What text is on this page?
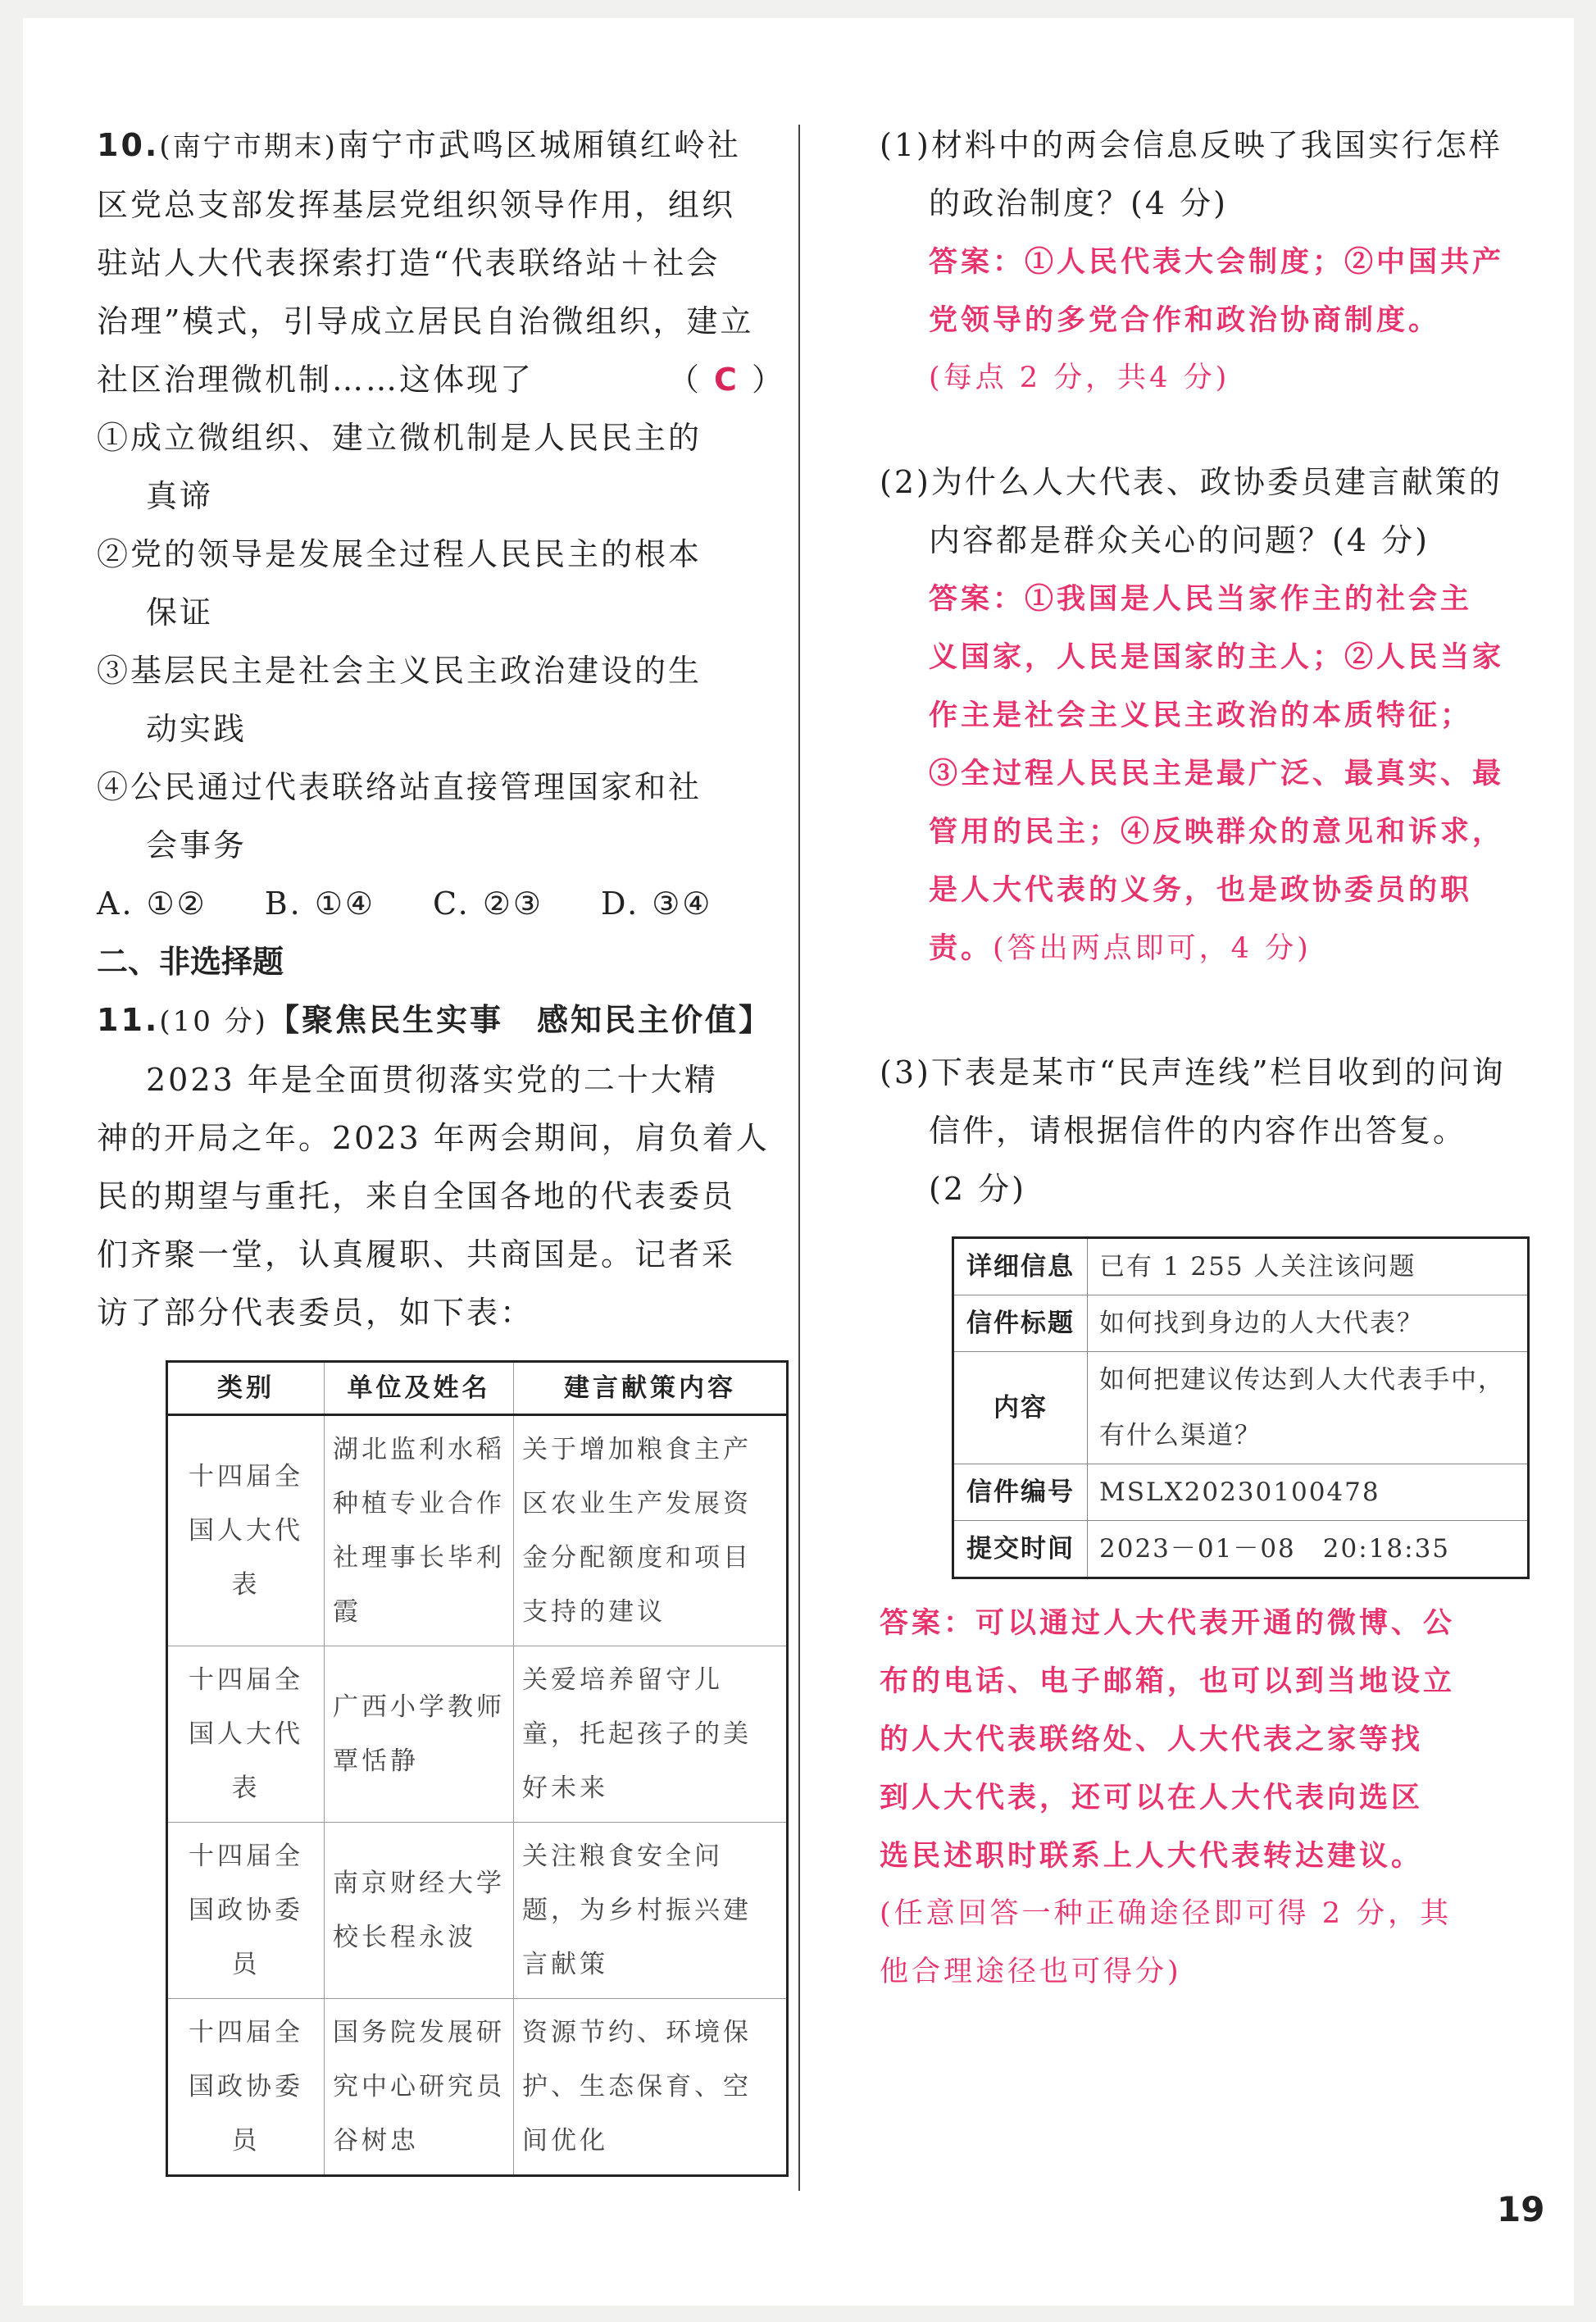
10.(南宁市期末)南宁市武鸣区城厢镇红岭社

区党总支部发挥基层党组织领导作用，组织

驻站人大代表探索打造“代表联络站＋社会

治理”模式，引导成立居民自治微组织，建立

社区治理微机制……这体现了	（ C ）

①成立微组织、建立微机制是人民民主的

真谛

②党的领导是发展全过程人民民主的根本

保证

③基层民主是社会主义民主政治建设的生

动实践

④公民通过代表联络站直接管理国家和社

会事务

A. ①② B. ①④ C. ②③ D. ③④
二、非选择题

11.(10 分)【聚焦民生实事　感知民主价值】

2023 年是全面贯彻落实党的二十大精

神的开局之年。2023 年两会期间，肩负着人

民的期望与重托，来自全国各地的代表委员

们齐聚一堂，认真履职、共商国是。记者采

访了部分代表委员，如下表：

类别	单位及姓名	建言献策内容
十四届全国人大代表	湖北监利水稻种植专业合作社理事长毕利霞	关于增加粮食主产区农业生产发展资金分配额度和项目支持的建议
十四届全国人大代表	广西小学教师覃恬静	关爱培养留守儿童，托起孩子的美好未来
十四届全国政协委员	南京财经大学校长程永波	关注粮食安全问题，为乡村振兴建言献策
十四届全国政协委员	国务院发展研究中心研究员谷树忠	资源节约、环境保护、生态保育、空间优化

(1)材料中的两会信息反映了我国实行怎样

的政治制度？(4 分)

答案：①人民代表大会制度；②中国共产

党领导的多党合作和政治协商制度。

(每点 2 分，共4 分)

(2)为什么人大代表、政协委员建言献策的

内容都是群众关心的问题？(4 分)

答案：①我国是人民当家作主的社会主

义国家，人民是国家的主人；②人民当家

作主是社会主义民主政治的本质特征；

③全过程人民民主是最广泛、最真实、最

管用的民主；④反映群众的意见和诉求，

是人大代表的义务，也是政协委员的职

责。(答出两点即可，4 分)

(3)下表是某市“民声连线”栏目收到的问询

信件，请根据信件的内容作出答复。

(2 分)

详细信息	已有 1 255 人关注该问题
信件标题	如何找到身边的人大代表？
内容	如何把建议传达到人大代表手中，有什么渠道？
信件编号	MSLX20230100478
提交时间	2023－01－08　20:18:35

答案：可以通过人大代表开通的微博、公

布的电话、电子邮箱，也可以到当地设立

的人大代表联络处、人大代表之家等找

到人大代表，还可以在人大代表向选区

选民述职时联系上人大代表转达建议。

(任意回答一种正确途径即可得 2 分，其

他合理途径也可得分)

19
